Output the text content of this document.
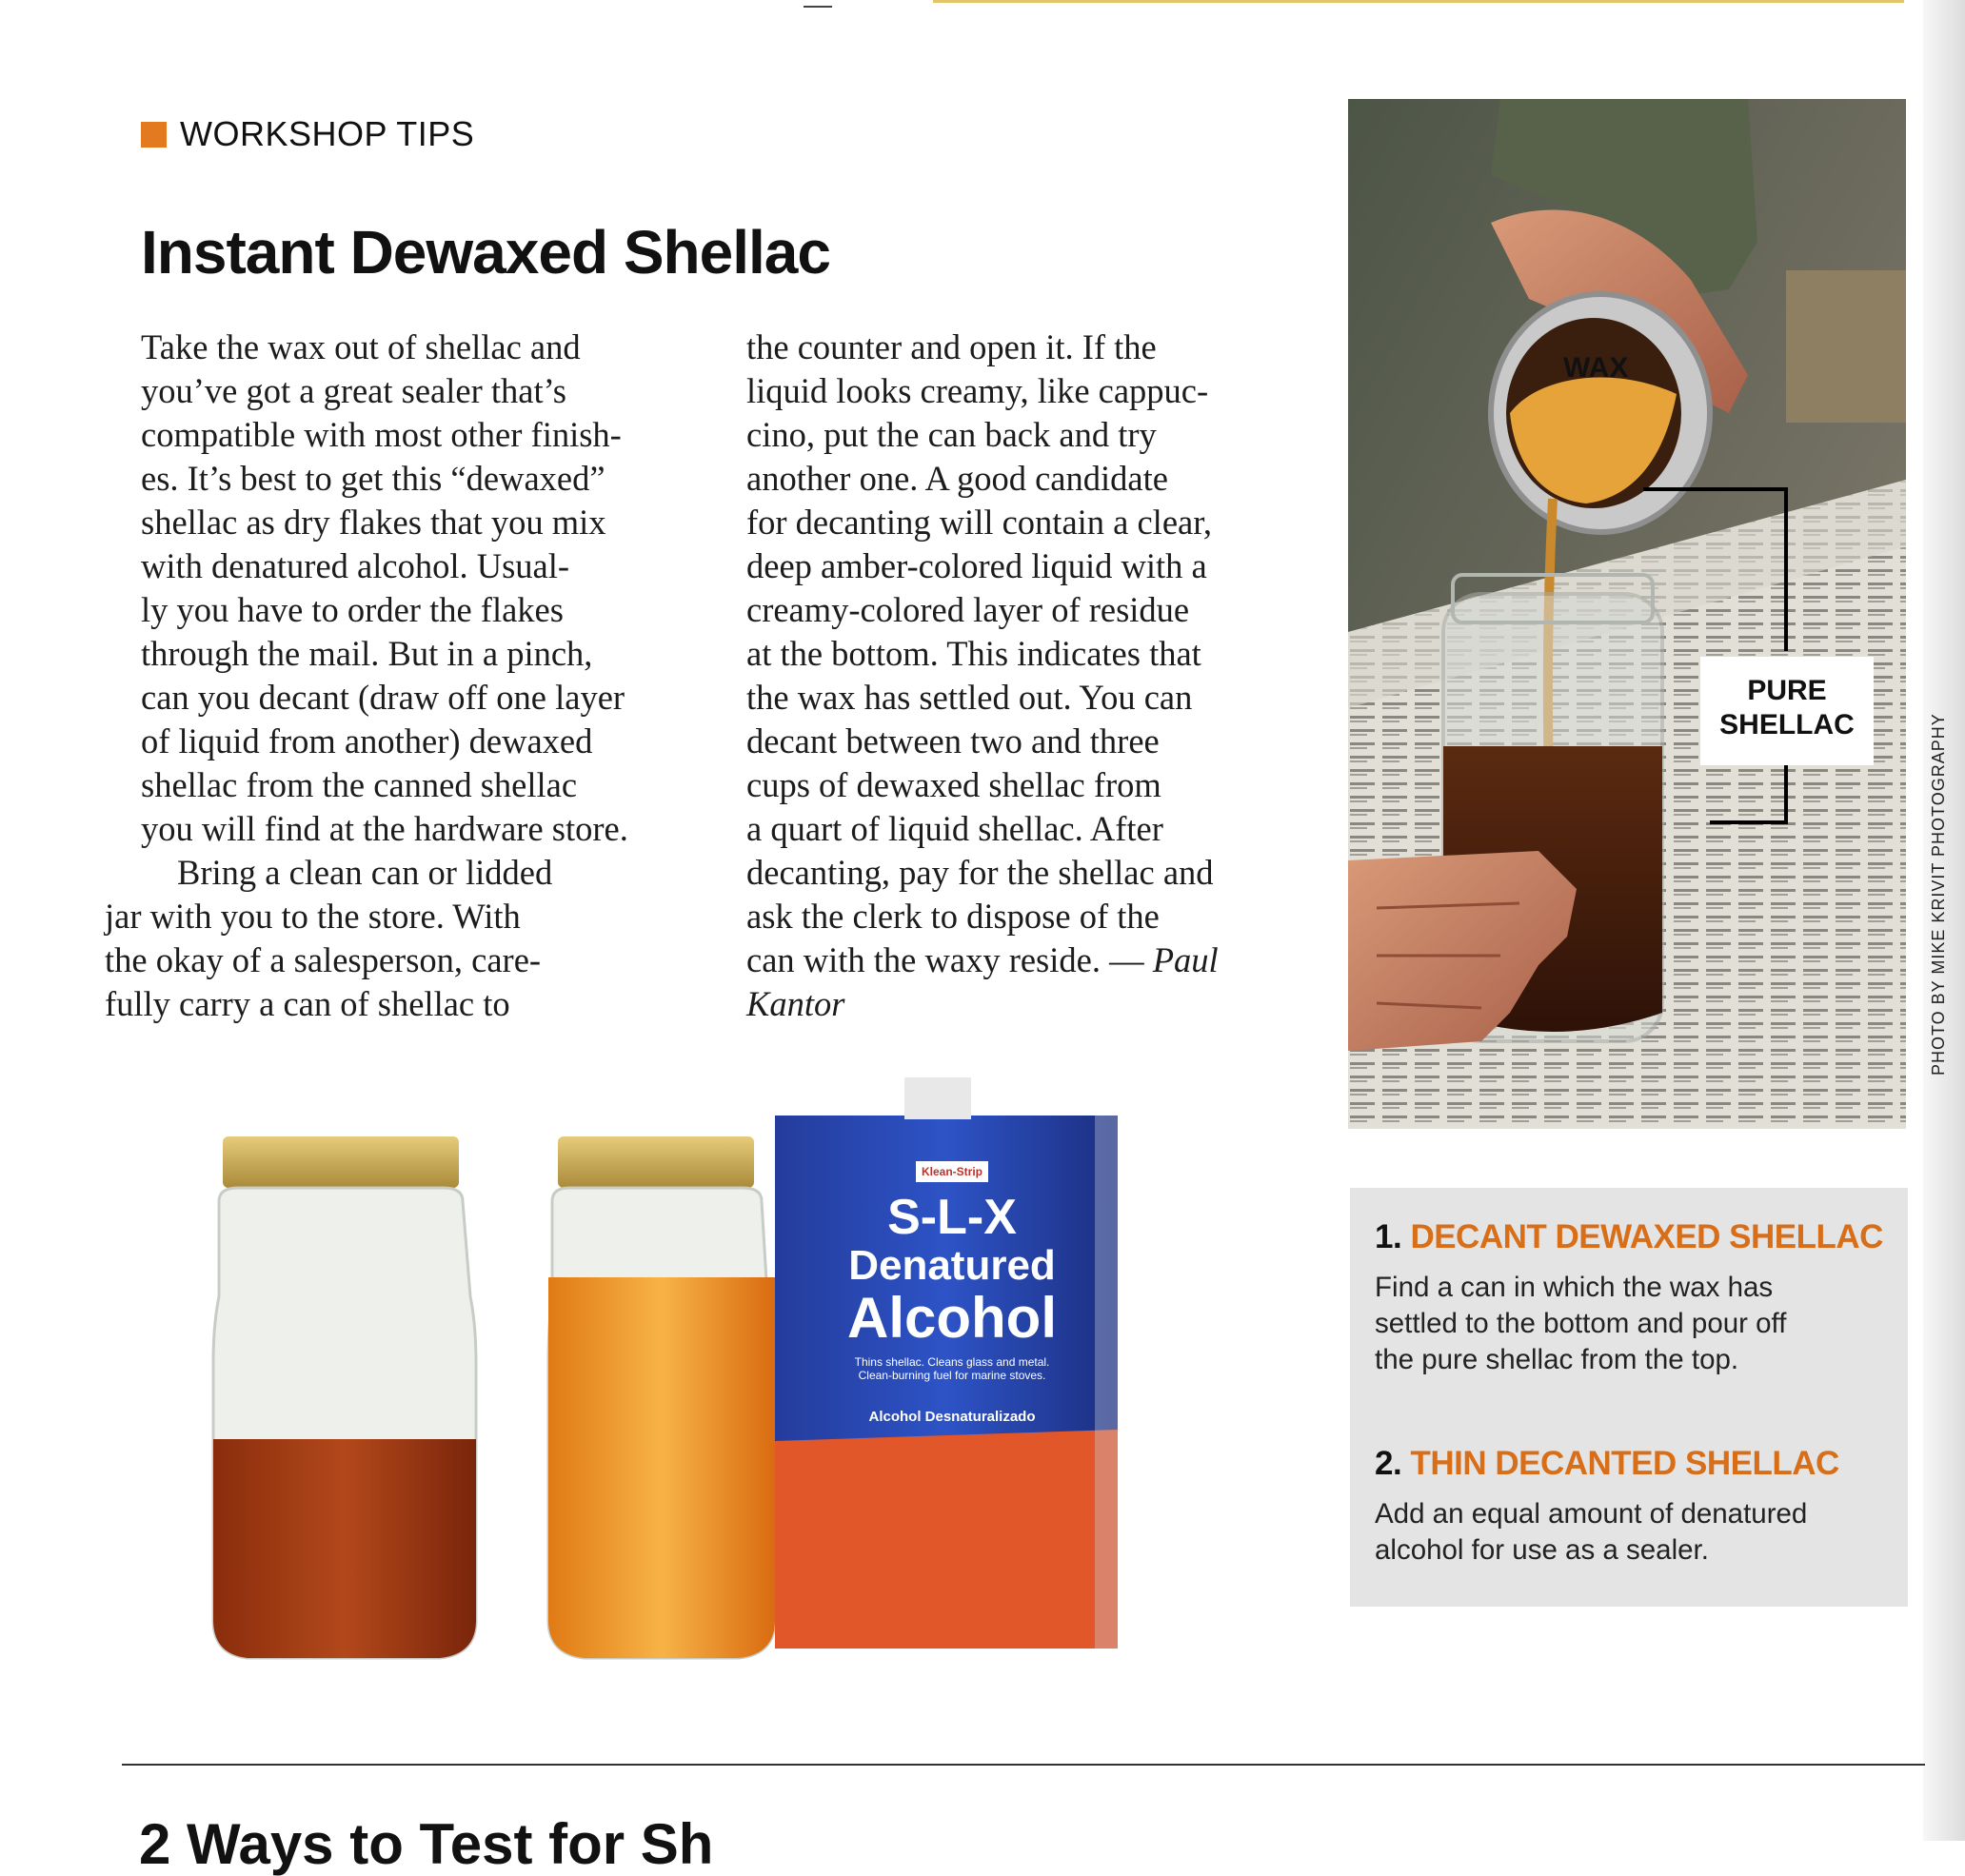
WORKSHOP TIPS
Instant Dewaxed Shellac

Take the wax out of shellac and
you’ve got a great sealer that’s
compatible with most other finish-
es. It’s best to get this “dewaxed”
shellac as dry flakes that you mix
with denatured alcohol. Usual-
ly you have to order the flakes
through the mail. But in a pinch,
can you decant (draw off one layer
of liquid from another) dewaxed
shellac from the canned shellac
you will find at the hardware store.

Bring a clean can or lidded
jar with you to the store. With
the okay of a salesperson, care-
fully carry a can of shellac to

the counter and open it. If the
liquid looks creamy, like cappuc-
cino, put the can back and try
another one. A good candidate
for decanting will contain a clear,
deep amber-colored liquid with a
creamy-colored layer of residue
at the bottom. This indicates that
the wax has settled out. You can
decant between two and three
cups of dewaxed shellac from
a quart of liquid shellac. After
decanting, pay for the shellac and
ask the clerk to dispose of the
can with the waxy reside. — Paul
Kantor

WAX
PURE
SHELLAC	PHOTO BY MIKE KRIVIT PHOTOGRAPHY
Klean-Strip
S-L-X
Denatured
Alcohol
Thins shellac. Cleans glass and metal.
Clean-burning fuel for marine stoves.
Alcohol Desnaturalizado
1. DECANT DEWAXED SHELLAC
Find a can in which the wax has
settled to the bottom and pour off
the pure shellac from the top.
2. THIN DECANTED SHELLAC
Add an equal amount of denatured
alcohol for use as a sealer.
2 Ways to Test for Sh
